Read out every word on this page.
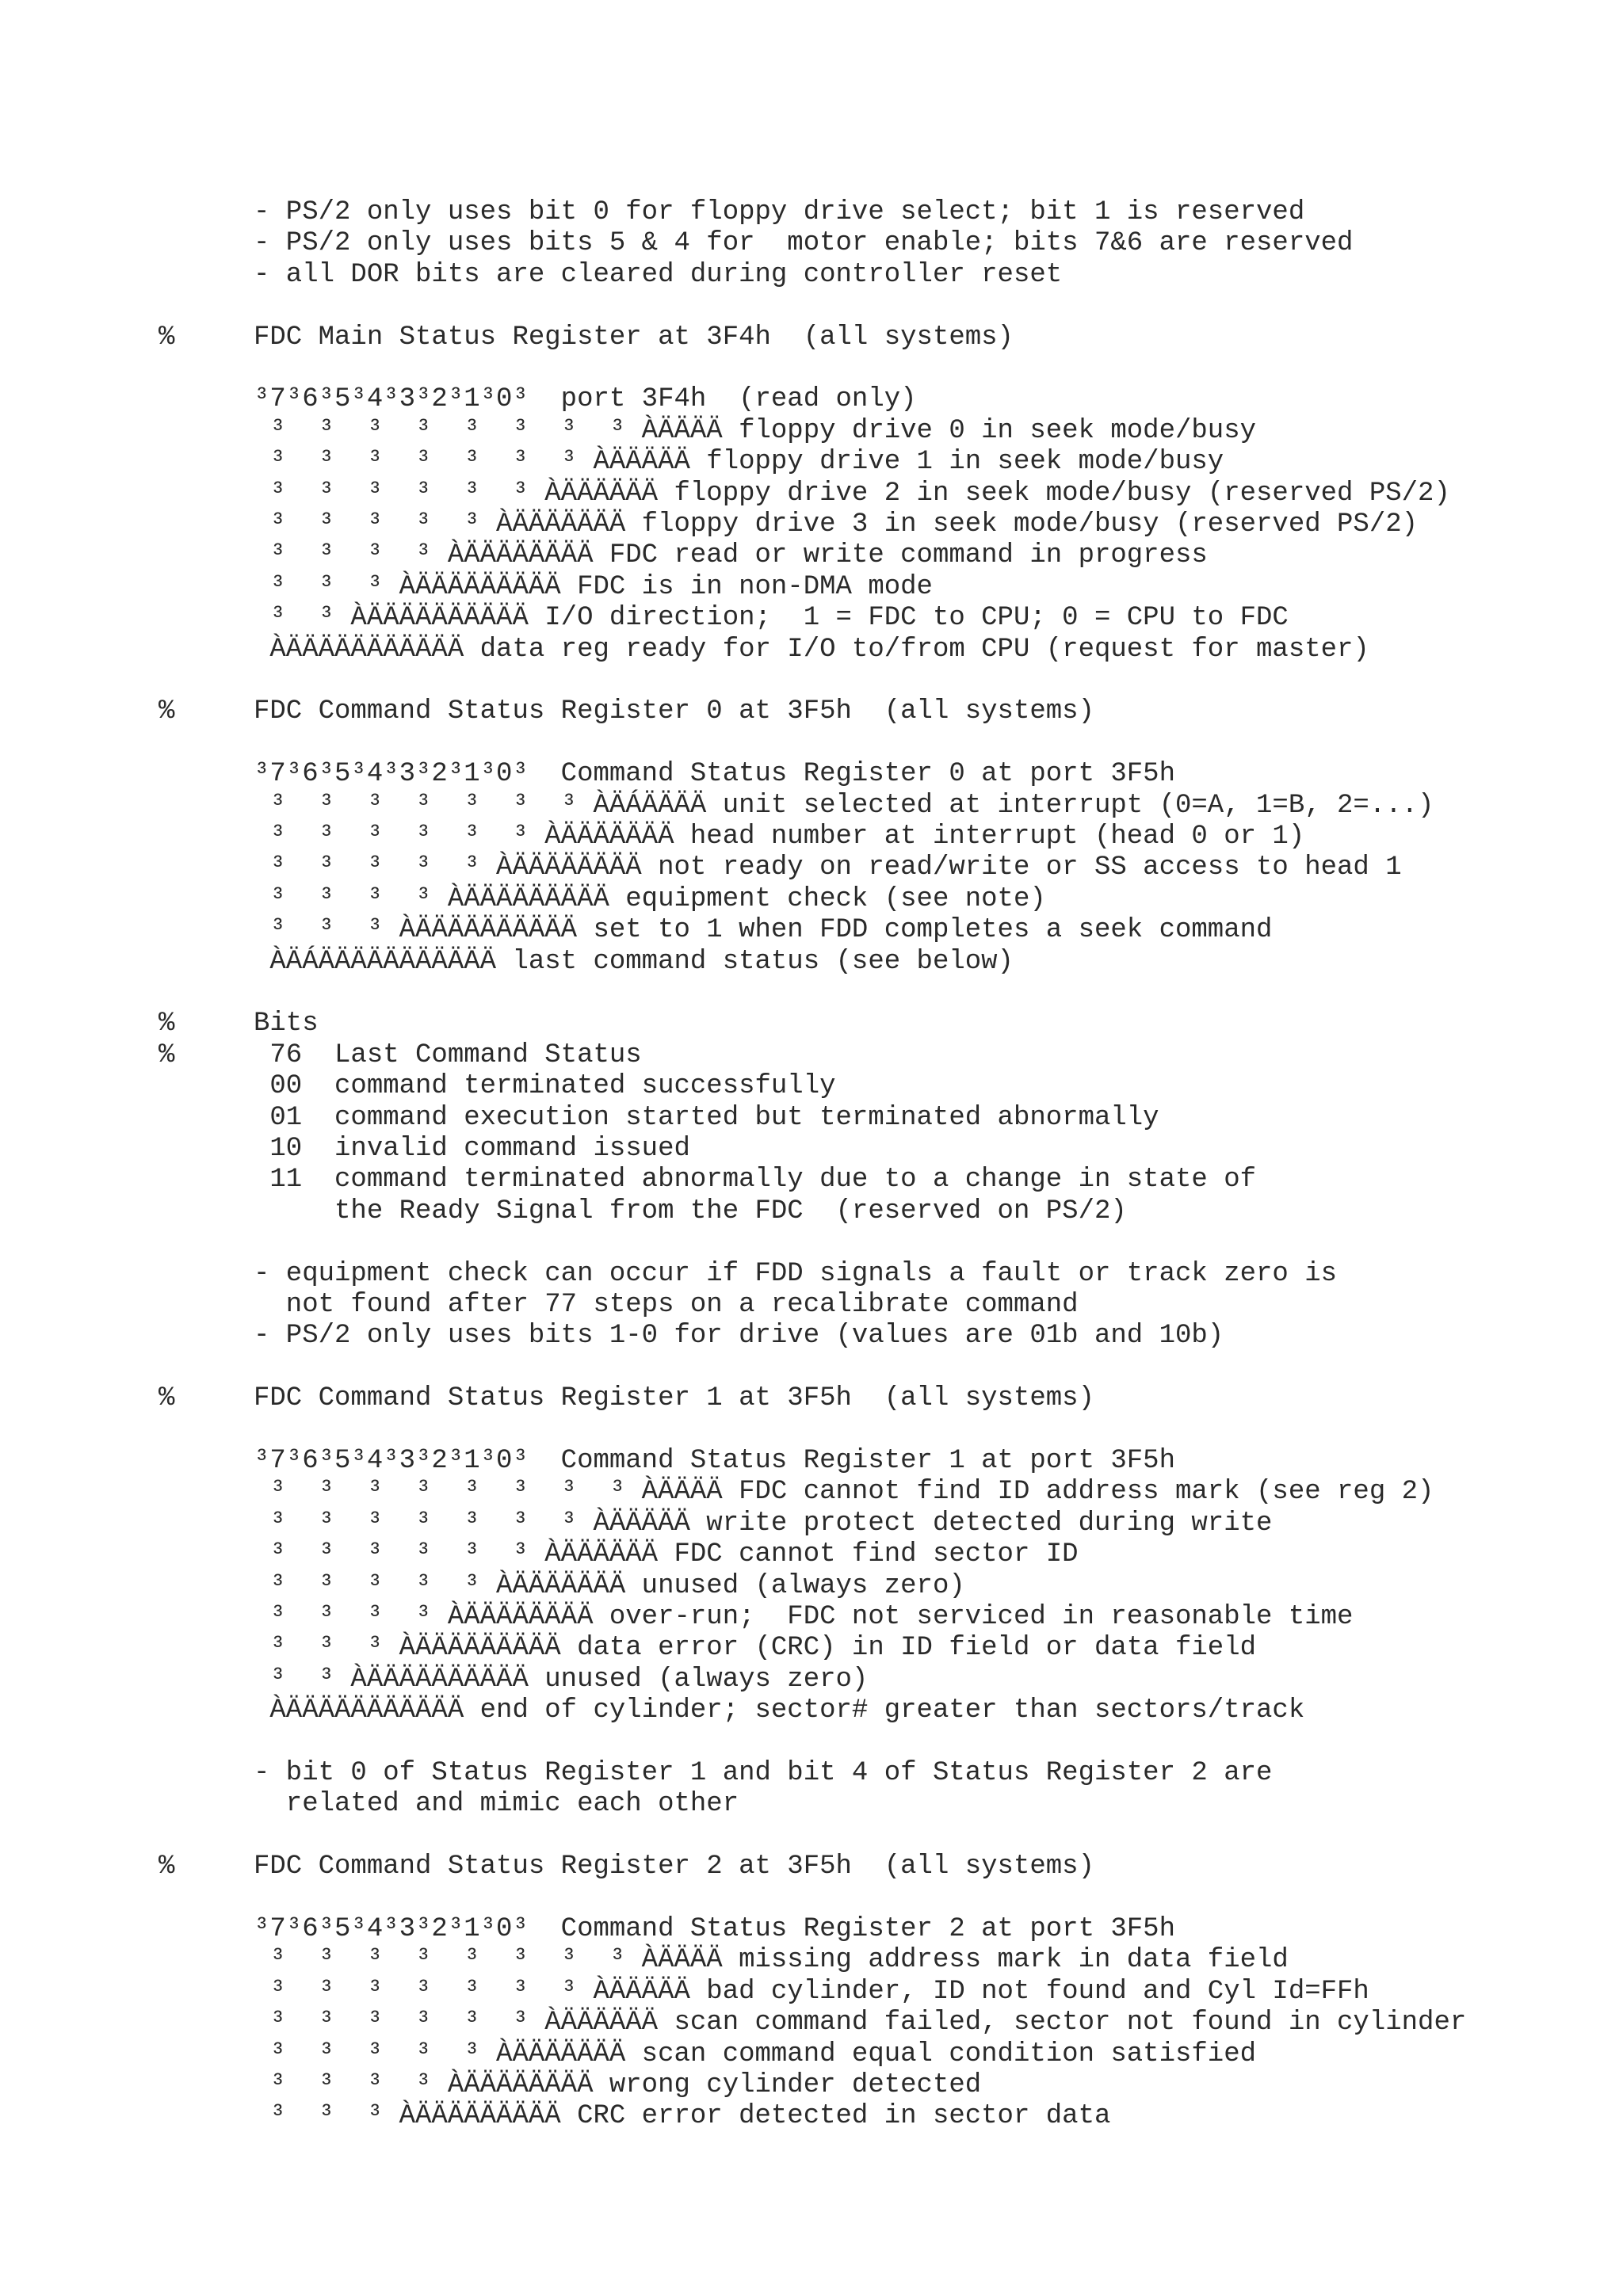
- PS/2 only uses bit 0 for floppy drive select; bit 1 is reserved
- PS/2 only uses bits 5 & 4 for  motor enable; bits 7&6 are reserved
- all DOR bits are cleared during controller reset
%	FDC Main Status Register at 3F4h  (all systems)
³7³6³5³4³3³2³1³0³  port 3F4h  (read only)
³  ³  ³  ³  ³  ³  ³  ³ ÀÄÄÄÄ floppy drive 0 in seek mode/busy
³  ³  ³  ³  ³  ³  ³ ÀÄÄÄÄÄ floppy drive 1 in seek mode/busy
³  ³  ³  ³  ³  ³ ÀÄÄÄÄÄÄ floppy drive 2 in seek mode/busy (reserved PS/2)
³  ³  ³  ³  ³ ÀÄÄÄÄÄÄÄ floppy drive 3 in seek mode/busy (reserved PS/2)
³  ³  ³  ³ ÀÄÄÄÄÄÄÄÄ FDC read or write command in progress
³  ³  ³ ÀÄÄÄÄÄÄÄÄÄ FDC is in non-DMA mode
³  ³ ÀÄÄÄÄÄÄÄÄÄÄ I/O direction;  1 = FDC to CPU; 0 = CPU to FDC
ÀÄÄÄÄÄÄÄÄÄÄÄ data reg ready for I/O to/from CPU (request for master)
%	FDC Command Status Register 0 at 3F5h  (all systems)
³7³6³5³4³3³2³1³0³  Command Status Register 0 at port 3F5h
³  ³  ³  ³  ³  ³  ³ ÀÄÁÄÄÄÄ unit selected at interrupt (0=A, 1=B, 2=...)
³  ³  ³  ³  ³  ³ ÀÄÄÄÄÄÄÄ head number at interrupt (head 0 or 1)
³  ³  ³  ³  ³ ÀÄÄÄÄÄÄÄÄ not ready on read/write or SS access to head 1
³  ³  ³  ³ ÀÄÄÄÄÄÄÄÄÄ equipment check (see note)
³  ³  ³ ÀÄÄÄÄÄÄÄÄÄÄ set to 1 when FDD completes a seek command
ÀÄÁÄÄÄÄÄÄÄÄÄÄÄ last command status (see below)
%	Bits
%	76  Last Command Status
00  command terminated successfully
01  command execution started but terminated abnormally
10  invalid command issued
11  command terminated abnormally due to a change in state of
the Ready Signal from the FDC  (reserved on PS/2)
- equipment check can occur if FDD signals a fault or track zero is
not found after 77 steps on a recalibrate command
- PS/2 only uses bits 1-0 for drive (values are 01b and 10b)
%	FDC Command Status Register 1 at 3F5h  (all systems)
³7³6³5³4³3³2³1³0³  Command Status Register 1 at port 3F5h
³  ³  ³  ³  ³  ³  ³  ³ ÀÄÄÄÄ FDC cannot find ID address mark (see reg 2)
³  ³  ³  ³  ³  ³  ³ ÀÄÄÄÄÄ write protect detected during write
³  ³  ³  ³  ³  ³ ÀÄÄÄÄÄÄ FDC cannot find sector ID
³  ³  ³  ³  ³ ÀÄÄÄÄÄÄÄ unused (always zero)
³  ³  ³  ³ ÀÄÄÄÄÄÄÄÄ over-run;  FDC not serviced in reasonable time
³  ³  ³ ÀÄÄÄÄÄÄÄÄÄ data error (CRC) in ID field or data field
³  ³ ÀÄÄÄÄÄÄÄÄÄÄ unused (always zero)
ÀÄÄÄÄÄÄÄÄÄÄÄ end of cylinder; sector# greater than sectors/track
- bit 0 of Status Register 1 and bit 4 of Status Register 2 are
related and mimic each other
%	FDC Command Status Register 2 at 3F5h  (all systems)
³7³6³5³4³3³2³1³0³  Command Status Register 2 at port 3F5h
³  ³  ³  ³  ³  ³  ³  ³ ÀÄÄÄÄ missing address mark in data field
³  ³  ³  ³  ³  ³  ³ ÀÄÄÄÄÄ bad cylinder, ID not found and Cyl Id=FFh
³  ³  ³  ³  ³  ³ ÀÄÄÄÄÄÄ scan command failed, sector not found in cylinder
³  ³  ³  ³  ³ ÀÄÄÄÄÄÄÄ scan command equal condition satisfied
³  ³  ³  ³ ÀÄÄÄÄÄÄÄÄ wrong cylinder detected
³  ³  ³ ÀÄÄÄÄÄÄÄÄÄ CRC error detected in sector data
